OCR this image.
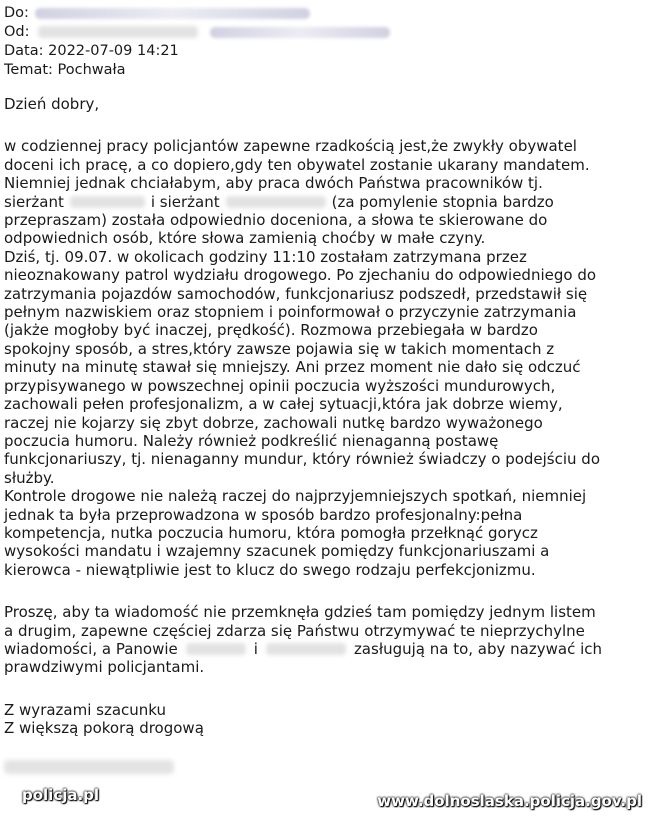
Do:
Od:
Data: 2022-07-09 14:21
Temat: Pochwała

Dzień dobry,

w codziennej pracy policjantów zapewne rzadkością jest,że zwykły obywatel

doceni ich pracę, a co dopiero,gdy ten obywatel zostanie ukarany mandatem.

Niemniej jednak chciałabym, aby praca dwóch Państwa pracowników tj.

sierżant	i sierżant	(za pomylenie stopnia bardzo

przepraszam) została odpowiednio doceniona, a słowa te skierowane do

odpowiednich osób, które słowa zamienią choćby w małe czyny.

Dziś, tj. 09.07. w okolicach godziny 11:10 zostałam zatrzymana przez

nieoznakowany patrol wydziału drogowego. Po zjechaniu do odpowiedniego do

zatrzymania pojazdów samochodów, funkcjonariusz podszedł, przedstawił się

pełnym nazwiskiem oraz stopniem i poinformował o przyczynie zatrzymania

(jakże mogłoby być inaczej, prędkość). Rozmowa przebiegała w bardzo

spokojny sposób, a stres,który zawsze pojawia się w takich momentach z

minuty na minutę stawał się mniejszy. Ani przez moment nie dało się odczuć

przypisywanego w powszechnej opinii poczucia wyższości mundurowych,

zachowali pełen profesjonalizm, a w całej sytuacji,która jak dobrze wiemy,

raczej nie kojarzy się zbyt dobrze, zachowali nutkę bardzo wyważonego

poczucia humoru. Należy również podkreślić nienaganną postawę

funkcjonariuszy, tj. nienaganny mundur, który również świadczy o podejściu do

służby.

Kontrole drogowe nie należą raczej do najprzyjemniejszych spotkań, niemniej

jednak ta była przeprowadzona w sposób bardzo profesjonalny:pełna

kompetencja, nutka poczucia humoru, która pomogła przełknąć gorycz

wysokości mandatu i wzajemny szacunek pomiędzy funkcjonariuszami a

kierowca - niewątpliwie jest to klucz do swego rodzaju perfekcjonizmu.

Proszę, aby ta wiadomość nie przemknęła gdzieś tam pomiędzy jednym listem

a drugim, zapewne częściej zdarza się Państwu otrzymywać te nieprzychylne

wiadomości, a Panowie	i	zasługują na to, aby nazywać ich

prawdziwymi policjantami.

Z wyrazami szacunku

Z większą pokorą drogową

policja.pl	www.dolnoslaska.policja.gov.pl
